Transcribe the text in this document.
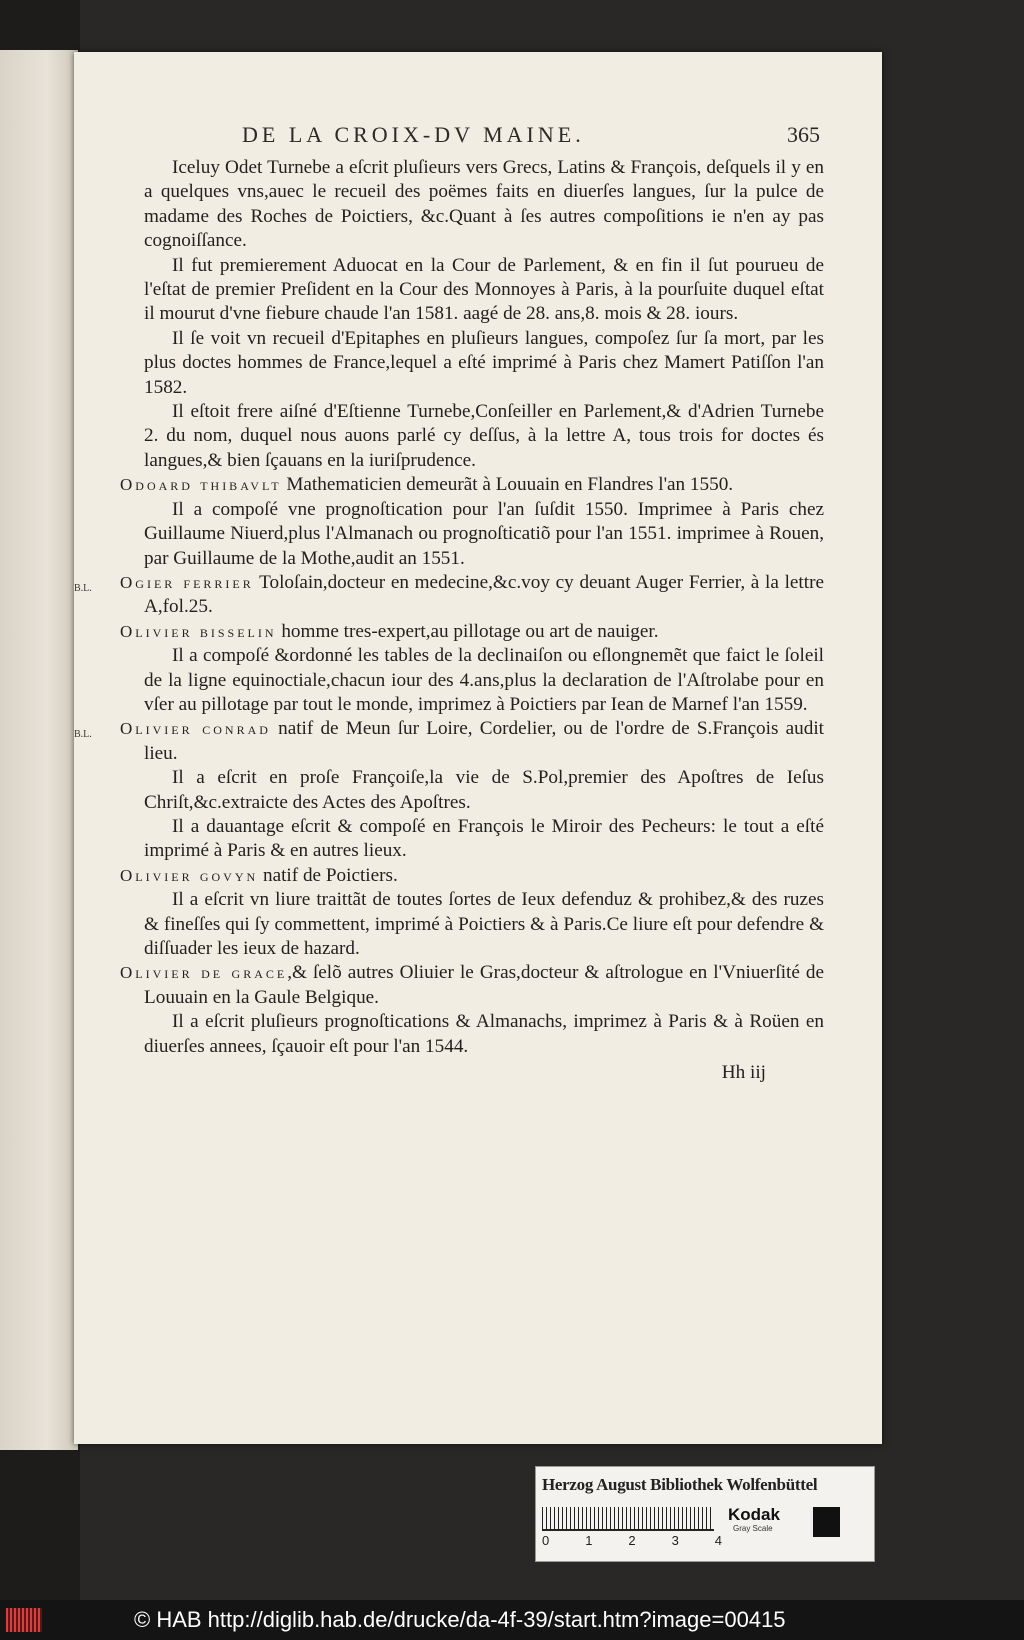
DE LA CROIX-DV MAINE.	365

Iceluy Odet Turnebe a eſcrit pluſieurs vers Grecs, Latins & François, deſquels il y en a quelques vns,auec le recueil des poëmes faits en diuerſes langues, ſur la pulce de madame des Roches de Poictiers, &c.Quant à ſes autres compoſitions ie n'en ay pas cognoiſſance.

Il fut premierement Aduocat en la Cour de Parlement, & en fin il ſut pourueu de l'eſtat de premier Preſident en la Cour des Monnoyes à Paris, à la pourſuite duquel eſtat il mourut d'vne fiebure chaude l'an 1581. aagé de 28. ans,8. mois & 28. iours.

Il ſe voit vn recueil d'Epitaphes en pluſieurs langues, compoſez ſur ſa mort, par les plus doctes hommes de France,lequel a eſté imprimé à Paris chez Mamert Patiſſon l'an 1582.

Il eſtoit frere aiſné d'Eſtienne Turnebe,Conſeiller en Parlement,& d'Adrien Turnebe 2. du nom, duquel nous auons parlé cy deſſus, à la lettre A, tous trois for doctes és langues,& bien ſçauans en la iuriſprudence.

Odoard thibavlt Mathematicien demeurãt à Louuain en Flandres l'an 1550.

Il a compoſé vne prognoſtication pour l'an ſuſdit 1550. Imprimee à Paris chez Guillaume Niuerd,plus l'Almanach ou prognoſticatiõ pour l'an 1551. imprimee à Rouen, par Guillaume de la Mothe,audit an 1551.

B.L.	Ogier ferrier Toloſain,docteur en medecine,&c.voy cy deuant Auger Ferrier, à la lettre A,fol.25.

Olivier bisselin homme tres-expert,au pillotage ou art de nauiger.

Il a compoſé &ordonné les tables de la declinaiſon ou eſlongnemẽt que faict le ſoleil de la ligne equinoctiale,chacun iour des 4.ans,plus la declaration de l'Aſtrolabe pour en vſer au pillotage par tout le monde, imprimez à Poictiers par Iean de Marnef l'an 1559.

B.L.	Olivier conrad natif de Meun ſur Loire, Cordelier, ou de l'ordre de S.François audit lieu.

Il a eſcrit en proſe Françoiſe,la vie de S.Pol,premier des Apoſtres de Ieſus Chriſt,&c.extraicte des Actes des Apoſtres.

Il a dauantage eſcrit & compoſé en François le Miroir des Pecheurs: le tout a eſté imprimé à Paris & en autres lieux.

Olivier govyn natif de Poictiers.

Il a eſcrit vn liure traittãt de toutes ſortes de Ieux defenduz & prohibez,& des ruzes & fineſſes qui ſy commettent, imprimé à Poictiers & à Paris.Ce liure eſt pour defendre & diſſuader les ieux de hazard.

Olivier de grace,& ſelõ autres Oliuier le Gras,docteur & aſtrologue en l'Vniuerſité de Louuain en la Gaule Belgique.

Il a eſcrit pluſieurs prognoſtications & Almanachs, imprimez à Paris & à Roüen en diuerſes annees, ſçauoir eſt pour l'an 1544.

Hh iij
Herzog August Bibliothek Wolfenbüttel
0	1	2	3	4
Kodak
Gray Scale
© HAB http://diglib.hab.de/drucke/da-4f-39/start.htm?image=00415
